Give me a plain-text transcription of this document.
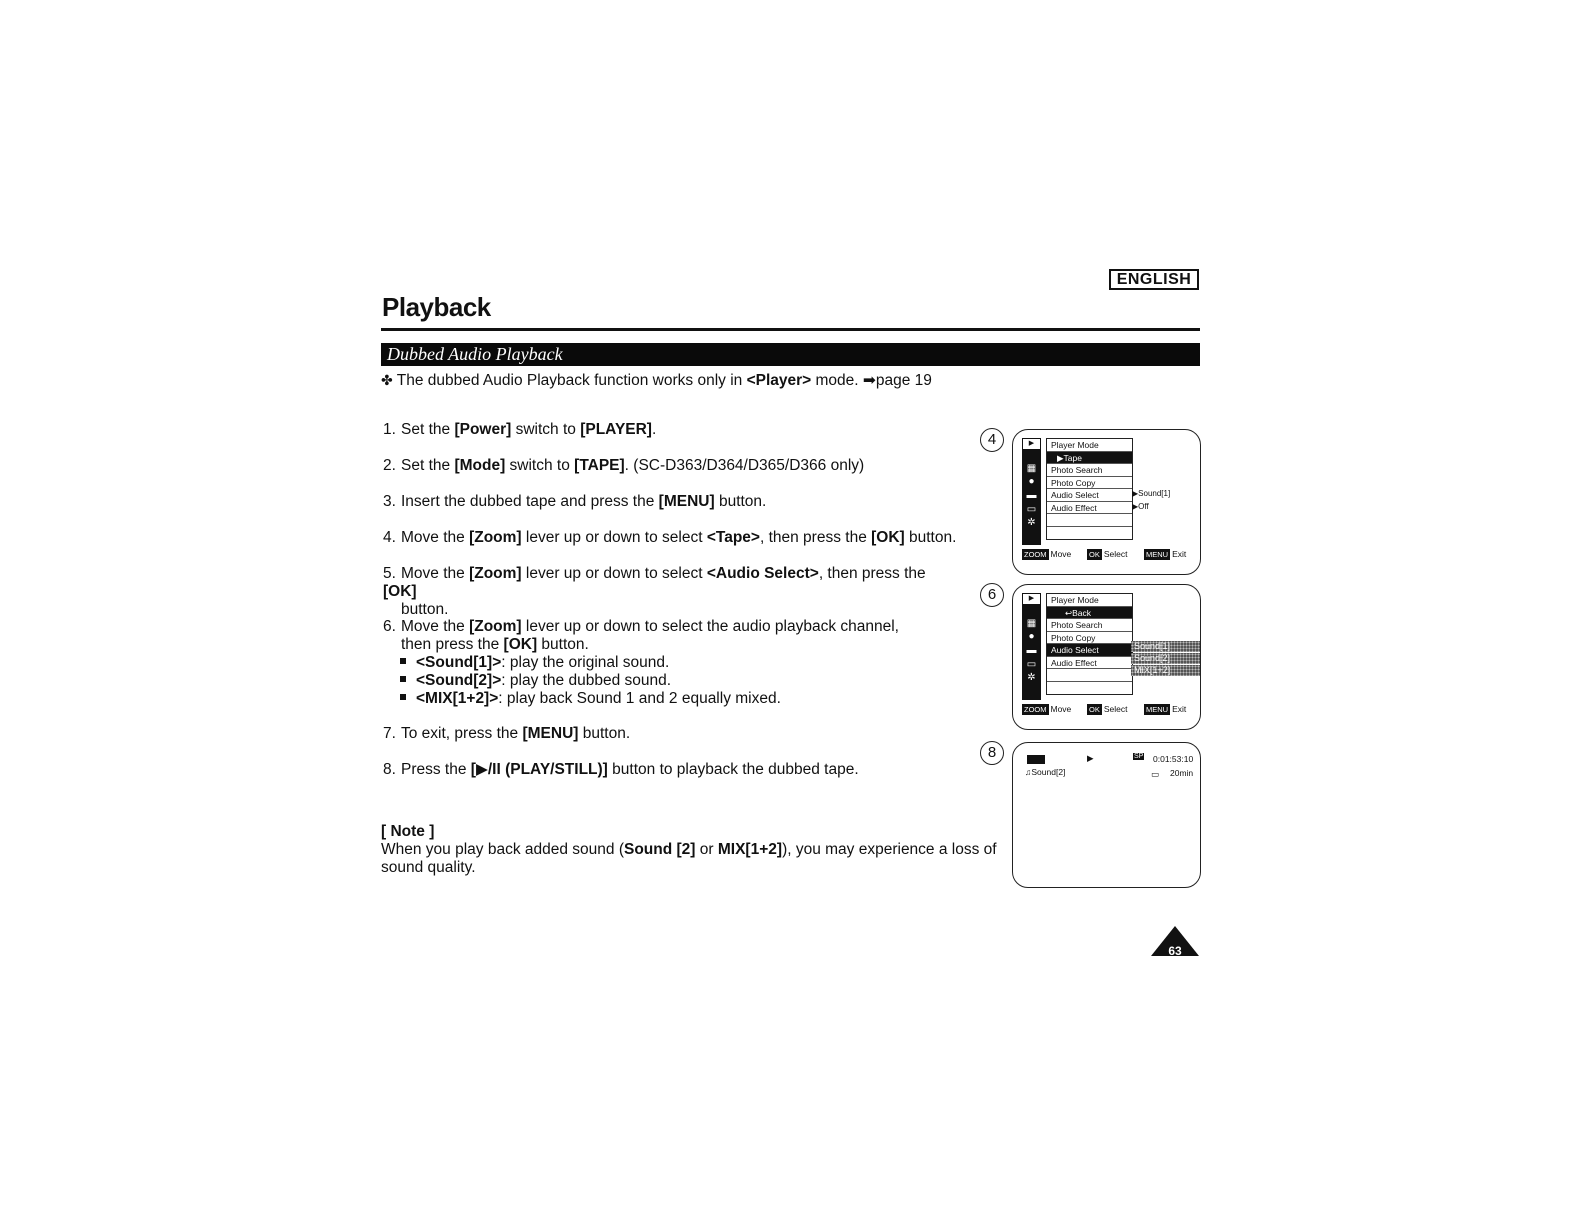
ENGLISH
Playback
Dubbed Audio Playback
✤ The dubbed Audio Playback function works only in <Player> mode. ➡page 19
1. Set the [Power] switch to [PLAYER].
2. Set the [Mode] switch to [TAPE]. (SC-D363/D364/D365/D366 only)
3. Insert the dubbed tape and press the [MENU] button.
4. Move the [Zoom] lever up or down to select <Tape>, then press the [OK] button.
5. Move the [Zoom] lever up or down to select <Audio Select>, then press the [OK]
button.
6. Move the [Zoom] lever up or down to select the audio playback channel,
then press the [OK] button.
<Sound[1]>: play the original sound.
<Sound[2]>: play the dubbed sound.
<MIX[1+2]>: play back Sound 1 and 2 equally mixed.
7. To exit, press the [MENU] button.
8. Press the [▶/II (PLAY/STILL)] button to playback the dubbed tape.
[ Note ]
When you play back added sound (Sound [2] or MIX[1+2]), you may experience a loss of
sound quality.
4	▶
▦
●
▬
▭
✲
Player Mode
▶Tape
Photo Search
Photo Copy
Audio Select
Audio Effect
▶Sound[1]
▶Off
ZOOM Move OK Select MENU Exit
6	▶
▦
●
▬
▭
✲
Player Mode
↩Back
Photo Search
Photo Copy
Audio Select
Audio Effect
Sound[1]
Sound[2]
MIX[1+2]
ZOOM Move OK Select MENU Exit
8	▶	SP 0:01:53:10
♫Sound[2]	▭ 20min
63
